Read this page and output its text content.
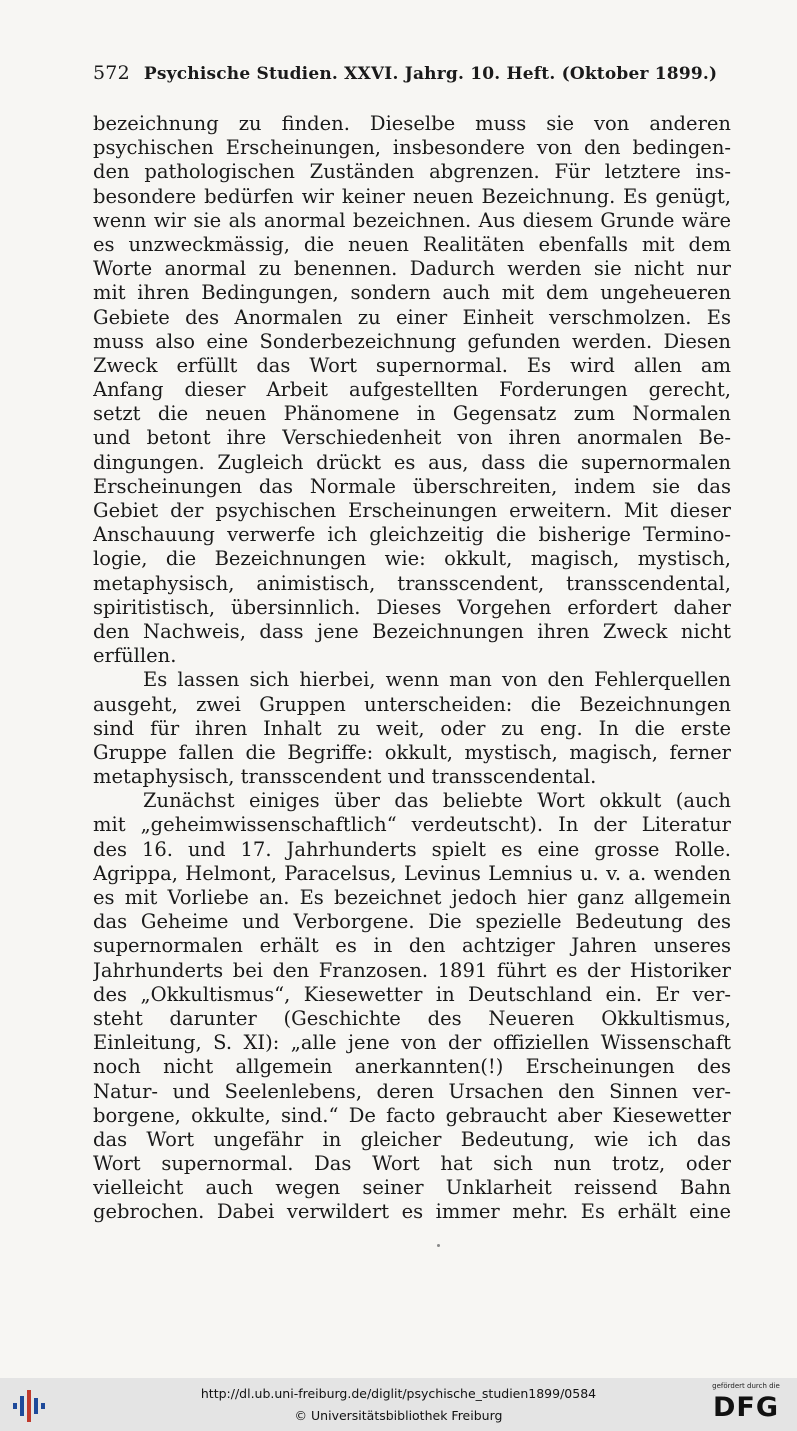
572 Psychische Studien. XXVI. Jahrg. 10. Heft. (Oktober 1899.)
bezeichnung zu finden. Dieselbe muss sie von anderen
psychischen Erscheinungen, insbesondere von den bedingen-
den pathologischen Zuständen abgrenzen. Für letztere ins-
besondere bedürfen wir keiner neuen Bezeichnung. Es genügt,
wenn wir sie als anormal bezeichnen. Aus diesem Grunde wäre
es unzweckmässig, die neuen Realitäten ebenfalls mit dem
Worte anormal zu benennen. Dadurch werden sie nicht nur
mit ihren Bedingungen, sondern auch mit dem ungeheueren
Gebiete des Anormalen zu einer Einheit verschmolzen. Es
muss also eine Sonderbezeichnung gefunden werden. Diesen
Zweck erfüllt das Wort supernormal. Es wird allen am
Anfang dieser Arbeit aufgestellten Forderungen gerecht,
setzt die neuen Phänomene in Gegensatz zum Normalen
und betont ihre Verschiedenheit von ihren anormalen Be-
dingungen. Zugleich drückt es aus, dass die supernormalen
Erscheinungen das Normale überschreiten, indem sie das
Gebiet der psychischen Erscheinungen erweitern. Mit dieser
Anschauung verwerfe ich gleichzeitig die bisherige Termino-
logie, die Bezeichnungen wie: okkult, magisch, mystisch,
metaphysisch, animistisch, transscendent, transscendental,
spiritistisch, übersinnlich. Dieses Vorgehen erfordert daher
den Nachweis, dass jene Bezeichnungen ihren Zweck nicht
erfüllen.
Es lassen sich hierbei, wenn man von den Fehlerquellen
ausgeht, zwei Gruppen unterscheiden: die Bezeichnungen
sind für ihren Inhalt zu weit, oder zu eng. In die erste
Gruppe fallen die Begriffe: okkult, mystisch, magisch, ferner
metaphysisch, transscendent und transscendental.
Zunächst einiges über das beliebte Wort okkult (auch
mit „geheimwissenschaftlich“ verdeutscht). In der Literatur
des 16. und 17. Jahrhunderts spielt es eine grosse Rolle.
Agrippa, Helmont, Paracelsus, Levinus Lemnius u. v. a. wenden
es mit Vorliebe an. Es bezeichnet jedoch hier ganz allgemein
das Geheime und Verborgene. Die spezielle Bedeutung des
supernormalen erhält es in den achtziger Jahren unseres
Jahrhunderts bei den Franzosen. 1891 führt es der Historiker
des „Okkultismus“, Kiesewetter in Deutschland ein. Er ver-
steht darunter (Geschichte des Neueren Okkultismus,
Einleitung, S. XI): „alle jene von der offiziellen Wissenschaft
noch nicht allgemein anerkannten(!) Erscheinungen des
Natur- und Seelenlebens, deren Ursachen den Sinnen ver-
borgene, okkulte, sind.“ De facto gebraucht aber Kiesewetter
das Wort ungefähr in gleicher Bedeutung, wie ich das
Wort supernormal. Das Wort hat sich nun trotz, oder
vielleicht auch wegen seiner Unklarheit reissend Bahn
gebrochen. Dabei verwildert es immer mehr. Es erhält eine
http://dl.ub.uni-freiburg.de/diglit/psychische_studien1899/0584
© Universitätsbibliothek Freiburg
gefördert durch die
DFG
